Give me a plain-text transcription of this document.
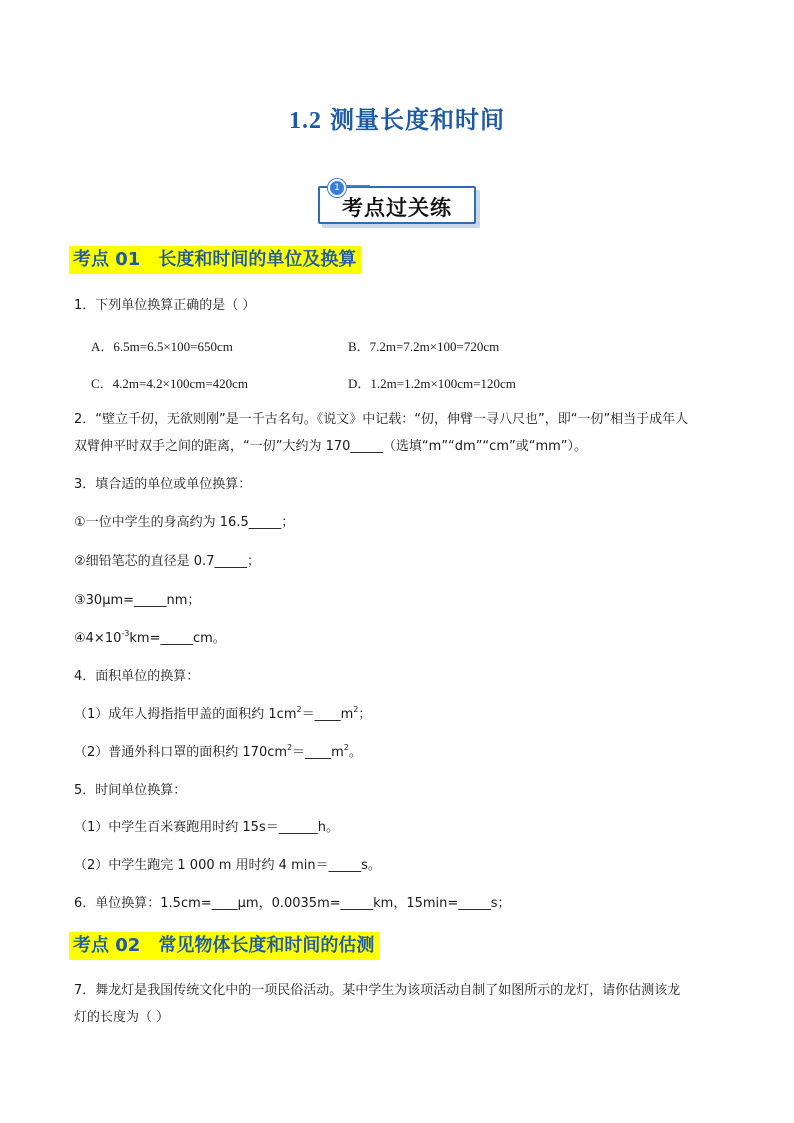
1.2 测量长度和时间
1
考点过关练
考点 01 长度和时间的单位及换算
1．下列单位换算正确的是（ ）
A．6.5m=6.5×100=650cm	B．7.2m=7.2m×100=720cm
C．4.2m=4.2×100cm=420cm	D．1.2m=1.2m×100cm=120cm
2．“壁立千仞，无欲则刚”是一千古名句。《说文》中记载：“仞，伸臂一寻八尺也”，即“一仞”相当于成年人
双臂伸平时双手之间的距离，“一仞”大约为 170_____（选填“m”“dm”“cm”或“mm”）。
3．填合适的单位或单位换算：
①一位中学生的身高约为 16.5_____；
②细铅笔芯的直径是 0.7_____；
③30μm=_____nm；
$④4\times 10^{-3}km=\_\_\_\_\_cm$。
4．面积单位的换算：
（1）成年人拇指指甲盖的面积约 $1cm^2=\_\_\_\_m^2$；
（2）普通外科口罩的面积约 $170cm^2=\_\_\_\_m^2$。
5．时间单位换算：
（1）中学生百米赛跑用时约 15s＝______h。
（2）中学生跑完 1 000 m 用时约 4 min＝_____s。
6．单位换算：1.5cm=____μm，0.0035m=_____km，15min=_____s；
考点 02 常见物体长度和时间的估测
7．舞龙灯是我国传统文化中的一项民俗活动。某中学生为该项活动自制了如图所示的龙灯，请你估测该龙
灯的长度为（ ）
